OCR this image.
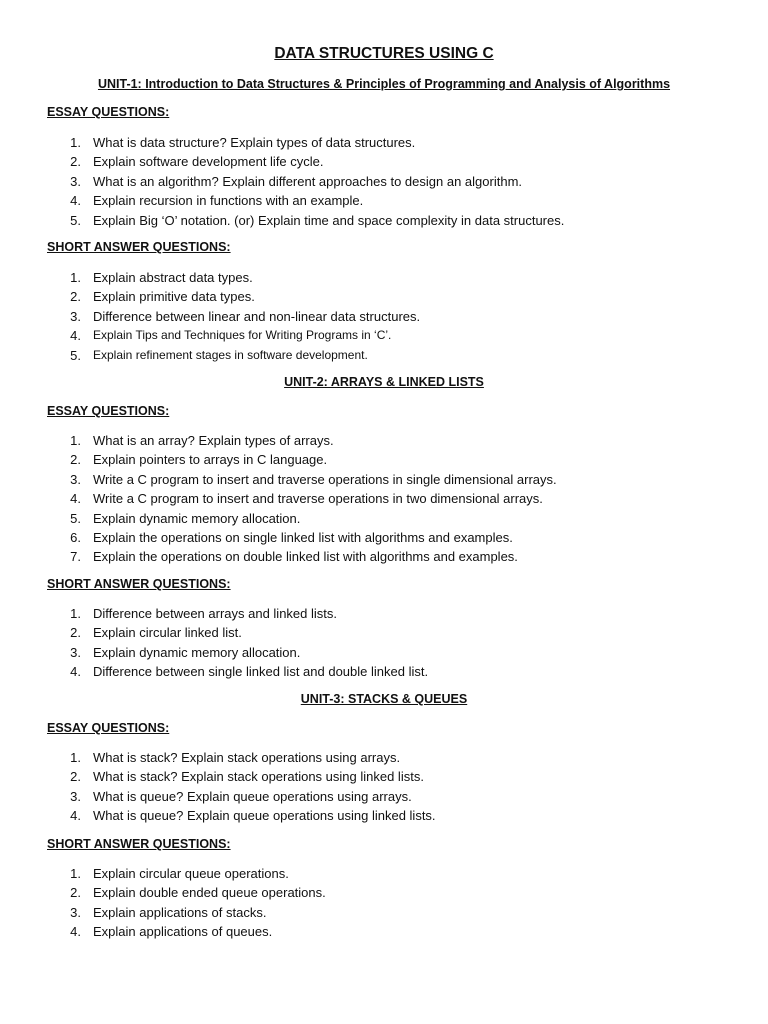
DATA STRUCTURES USING C
UNIT-1: Introduction to Data Structures & Principles of Programming and Analysis of Algorithms
ESSAY QUESTIONS:
1. What is data structure? Explain types of data structures.
2. Explain software development life cycle.
3. What is an algorithm? Explain different approaches to design an algorithm.
4. Explain recursion in functions with an example.
5. Explain Big ‘O’ notation. (or) Explain time and space complexity in data structures.
SHORT ANSWER QUESTIONS:
1. Explain abstract data types.
2. Explain primitive data types.
3. Difference between linear and non-linear data structures.
4. Explain Tips and Techniques for Writing Programs in ‘C’.
5. Explain refinement stages in software development.
UNIT-2: ARRAYS & LINKED LISTS
ESSAY QUESTIONS:
1. What is an array? Explain types of arrays.
2. Explain pointers to arrays in C language.
3. Write a C program to insert and traverse operations in single dimensional arrays.
4. Write a C program to insert and traverse operations in two dimensional arrays.
5. Explain dynamic memory allocation.
6. Explain the operations on single linked list with algorithms and examples.
7. Explain the operations on double linked list with algorithms and examples.
SHORT ANSWER QUESTIONS:
1. Difference between arrays and linked lists.
2. Explain circular linked list.
3. Explain dynamic memory allocation.
4. Difference between single linked list and double linked list.
UNIT-3: STACKS & QUEUES
ESSAY QUESTIONS:
1. What is stack? Explain stack operations using arrays.
2. What is stack? Explain stack operations using linked lists.
3. What is queue? Explain queue operations using arrays.
4. What is queue? Explain queue operations using linked lists.
SHORT ANSWER QUESTIONS:
1. Explain circular queue operations.
2. Explain double ended queue operations.
3. Explain applications of stacks.
4. Explain applications of queues.
